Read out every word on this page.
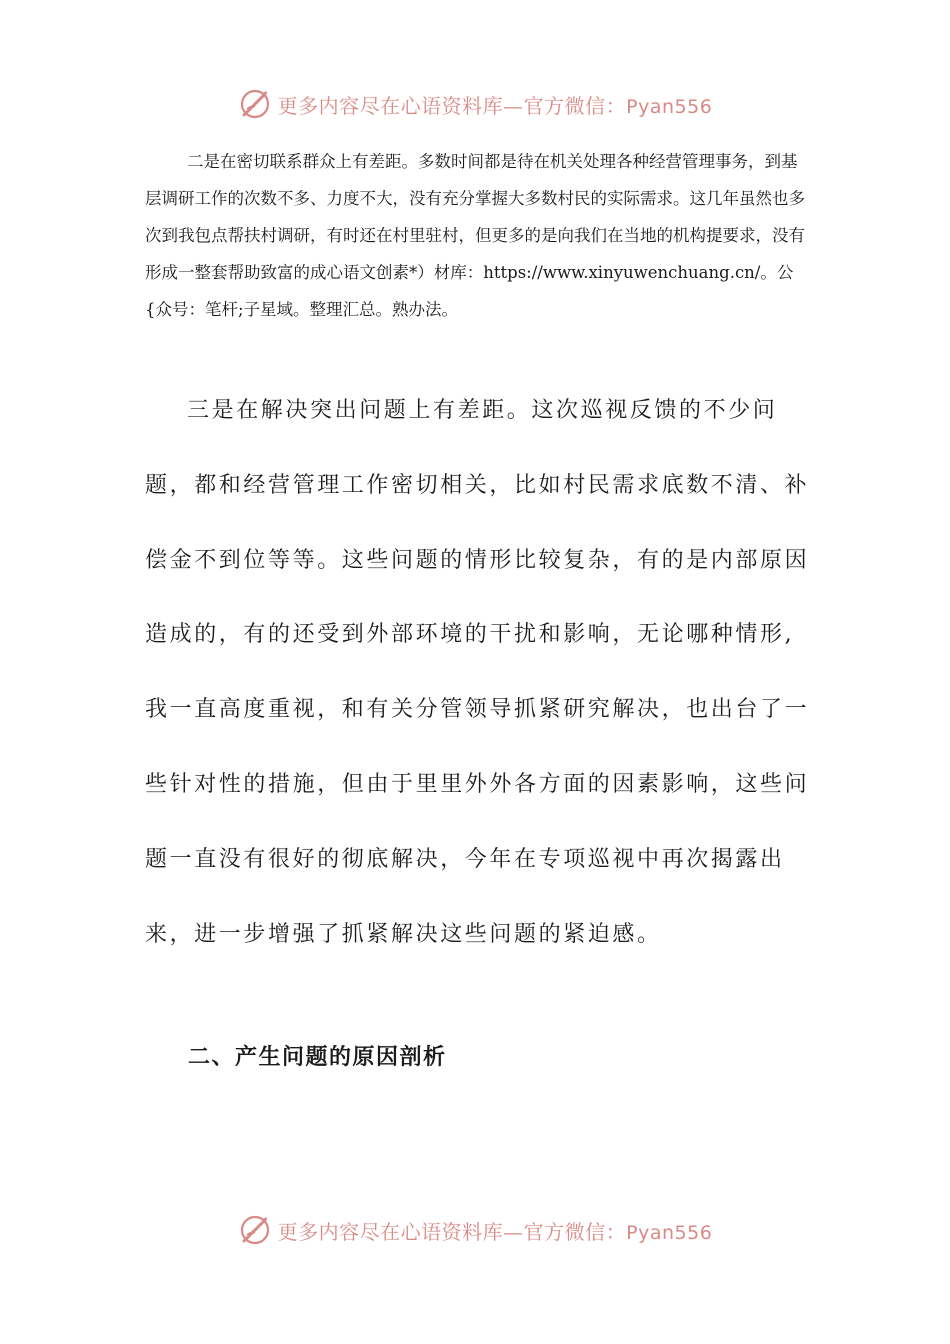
更多内容尽在心语资料库—官方微信：Pyan556

二是在密切联系群众上有差距。多数时间都是待在机关处理各种经营管理事务，到基层调研工作的次数不多、力度不大，没有充分掌握大多数村民的实际需求。这几年虽然也多次到我包点帮扶村调研，有时还在村里驻村，但更多的是向我们在当地的机构提要求，没有形成一整套帮助致富的成心语文创素*）材库：https://www.xinyuwenchuang.cn/。公{众号：笔杆;子星域。整理汇总。熟办法。

三是在解决突出问题上有差距。这次巡视反馈的不少问题，都和经营管理工作密切相关，比如村民需求底数不清、补偿金不到位等等。这些问题的情形比较复杂，有的是内部原因造成的，有的还受到外部环境的干扰和影响，无论哪种情形,我一直高度重视，和有关分管领导抓紧研究解决，也出台了一些针对性的措施，但由于里里外外各方面的因素影响，这些问题一直没有很好的彻底解决，今年在专项巡视中再次揭露出来，进一步增强了抓紧解决这些问题的紧迫感。

二、产生问题的原因剖析
更多内容尽在心语资料库—官方微信：Pyan556
